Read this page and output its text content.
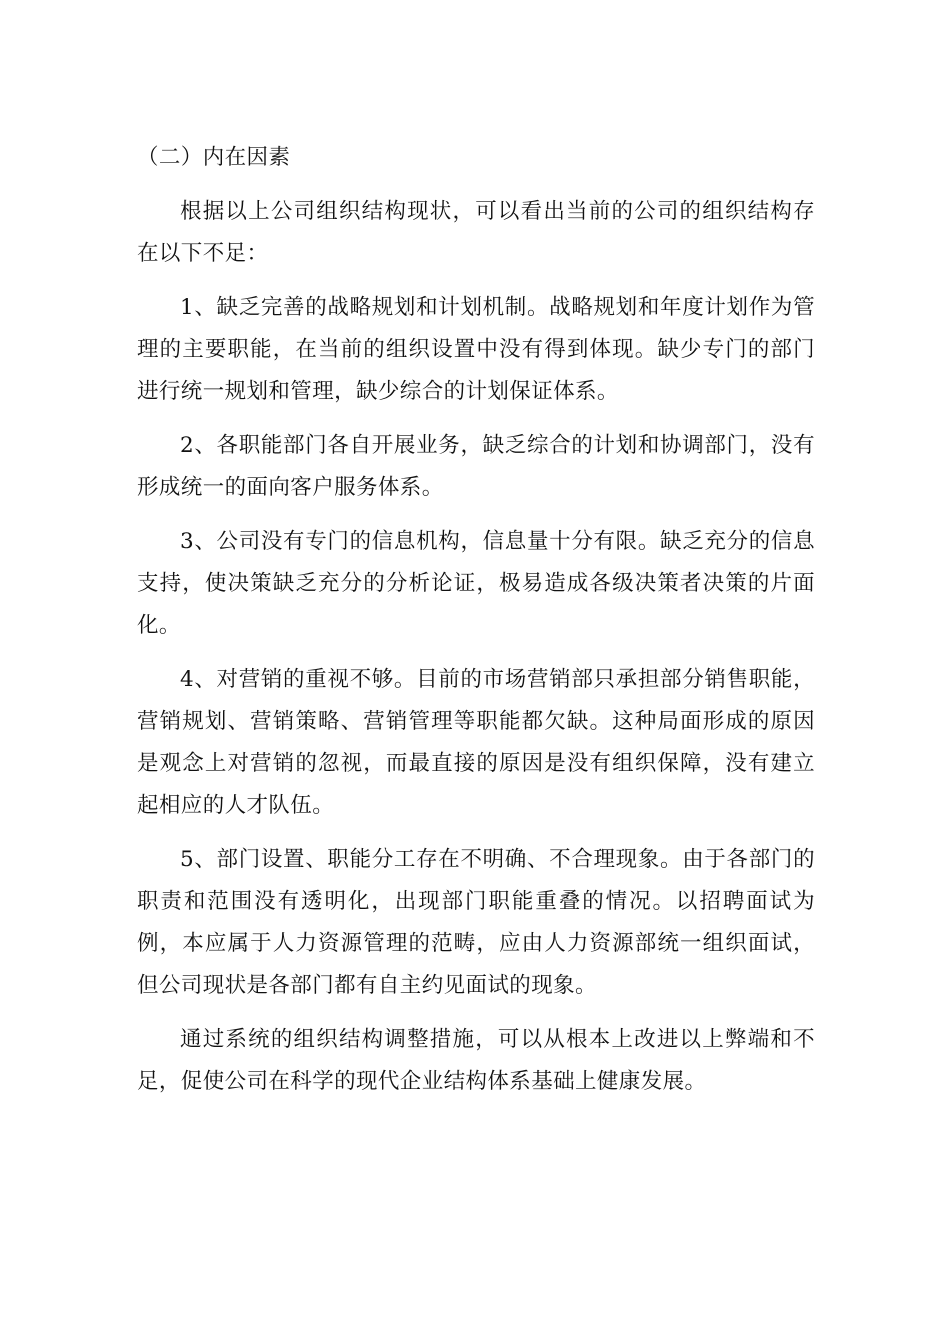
（二）内在因素

根据以上公司组织结构现状，可以看出当前的公司的组织结构存在以下不足：

1、缺乏完善的战略规划和计划机制。战略规划和年度计划作为管理的主要职能，在当前的组织设置中没有得到体现。缺少专门的部门进行统一规划和管理，缺少综合的计划保证体系。

2、各职能部门各自开展业务，缺乏综合的计划和协调部门，没有形成统一的面向客户服务体系。

3、公司没有专门的信息机构，信息量十分有限。缺乏充分的信息支持，使决策缺乏充分的分析论证，极易造成各级决策者决策的片面化。

4、对营销的重视不够。目前的市场营销部只承担部分销售职能，营销规划、营销策略、营销管理等职能都欠缺。这种局面形成的原因是观念上对营销的忽视，而最直接的原因是没有组织保障，没有建立起相应的人才队伍。

5、部门设置、职能分工存在不明确、不合理现象。由于各部门的职责和范围没有透明化，出现部门职能重叠的情况。以招聘面试为例，本应属于人力资源管理的范畴，应由人力资源部统一组织面试，但公司现状是各部门都有自主约见面试的现象。

通过系统的组织结构调整措施，可以从根本上改进以上弊端和不足，促使公司在科学的现代企业结构体系基础上健康发展。
